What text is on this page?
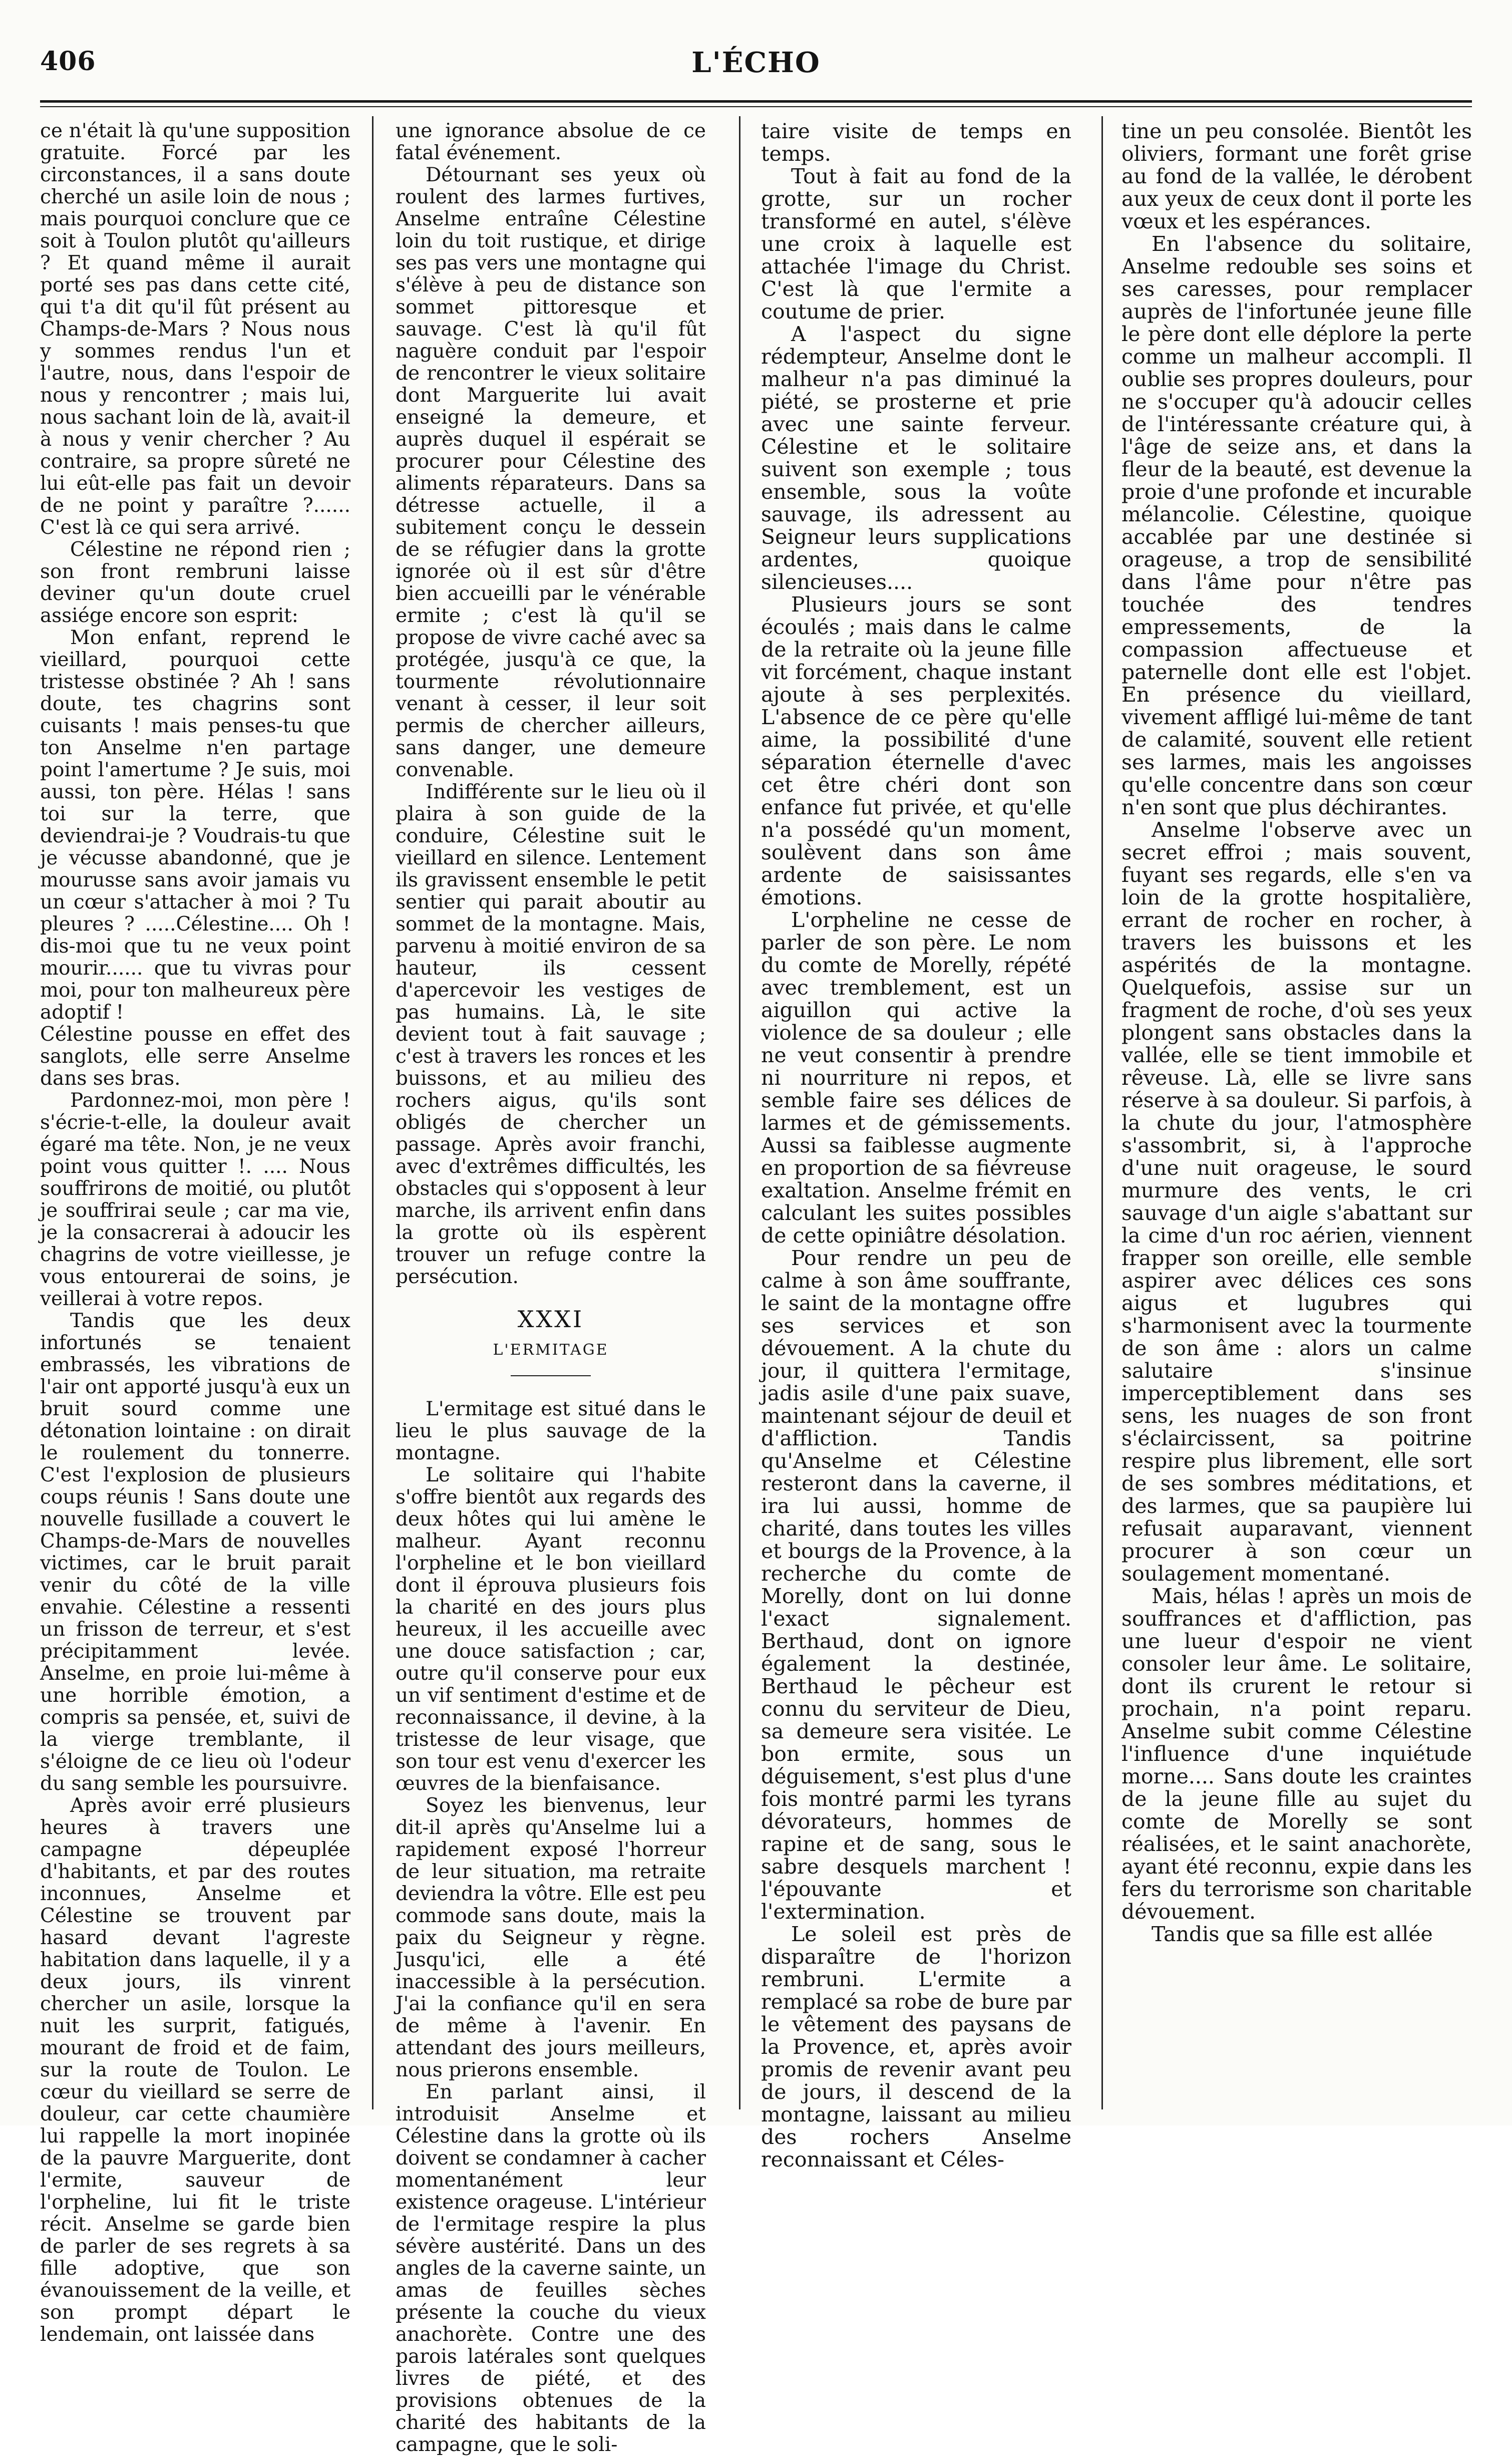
406	L'ÉCHO

ce n'était là qu'une supposition gratuite. Forcé par les circonstances, il a sans doute cherché un asile loin de nous ; mais pourquoi conclure que ce soit à Toulon plutôt qu'ailleurs ? Et quand même il aurait porté ses pas dans cette cité, qui t'a dit qu'il fût présent au Champs-de-Mars ? Nous nous y sommes rendus l'un et l'autre, nous, dans l'espoir de nous y rencontrer ; mais lui, nous sachant loin de là, avait-il à nous y venir chercher ? Au contraire, sa propre sûreté ne lui eût-elle pas fait un devoir de ne point y paraître ?...... C'est là ce qui sera arrivé.

Célestine ne répond rien ; son front rembruni laisse deviner qu'un doute cruel assiége encore son esprit:

Mon enfant, reprend le vieillard, pourquoi cette tristesse obstinée ? Ah ! sans doute, tes chagrins sont cuisants ! mais penses-tu que ton Anselme n'en partage point l'amertume ? Je suis, moi aussi, ton père. Hélas ! sans toi sur la terre, que deviendrai-je ? Voudrais-tu que je vécusse abandonné, que je mourusse sans avoir jamais vu un cœur s'attacher à moi ? Tu pleures ? .....Célestine.... Oh ! dis-moi que tu ne veux point mourir...... que tu vivras pour moi, pour ton malheureux père adoptif !

Célestine pousse en effet des sanglots, elle serre Anselme dans ses bras.

Pardonnez-moi, mon père ! s'écrie-t-elle, la douleur avait égaré ma tête. Non, je ne veux point vous quitter !. .... Nous souffrirons de moitié, ou plutôt je souffrirai seule ; car ma vie, je la consacrerai à adoucir les chagrins de votre vieillesse, je vous entourerai de soins, je veillerai à votre repos.

Tandis que les deux infortunés se tenaient embrassés, les vibrations de l'air ont apporté jusqu'à eux un bruit sourd comme une détonation lointaine : on dirait le roulement du tonnerre. C'est l'explosion de plusieurs coups réunis ! Sans doute une nouvelle fusillade a couvert le Champs-de-Mars de nouvelles victimes, car le bruit parait venir du côté de la ville envahie. Célestine a ressenti un frisson de terreur, et s'est précipitamment levée. Anselme, en proie lui-même à une horrible émotion, a compris sa pensée, et, suivi de la vierge tremblante, il s'éloigne de ce lieu où l'odeur du sang semble les poursuivre.

Après avoir erré plusieurs heures à travers une campagne dépeuplée d'habitants, et par des routes inconnues, Anselme et Célestine se trouvent par hasard devant l'agreste habitation dans laquelle, il y a deux jours, ils vinrent chercher un asile, lorsque la nuit les surprit, fatigués, mourant de froid et de faim, sur la route de Toulon. Le cœur du vieillard se serre de douleur, car cette chaumière lui rappelle la mort inopinée de la pauvre Marguerite, dont l'ermite, sauveur de l'orpheline, lui fit le triste récit. Anselme se garde bien de parler de ses regrets à sa fille adoptive, que son évanouissement de la veille, et son prompt départ le lendemain, ont laissée dans

une ignorance absolue de ce fatal événement.

Détournant ses yeux où roulent des larmes furtives, Anselme entraîne Célestine loin du toit rustique, et dirige ses pas vers une montagne qui s'élève à peu de distance son sommet pittoresque et sauvage. C'est là qu'il fût naguère conduit par l'espoir de rencontrer le vieux solitaire dont Marguerite lui avait enseigné la demeure, et auprès duquel il espérait se procurer pour Célestine des aliments réparateurs. Dans sa détresse actuelle, il a subitement conçu le dessein de se réfugier dans la grotte ignorée où il est sûr d'être bien accueilli par le vénérable ermite ; c'est là qu'il se propose de vivre caché avec sa protégée, jusqu'à ce que, la tourmente révolutionnaire venant à cesser, il leur soit permis de chercher ailleurs, sans danger, une demeure convenable.

Indifférente sur le lieu où il plaira à son guide de la conduire, Célestine suit le vieillard en silence. Lentement ils gravissent ensemble le petit sentier qui parait aboutir au sommet de la montagne. Mais, parvenu à moitié environ de sa hauteur, ils cessent d'apercevoir les vestiges de pas humains. Là, le site devient tout à fait sauvage ; c'est à travers les ronces et les buissons, et au milieu des rochers aigus, qu'ils sont obligés de chercher un passage. Après avoir franchi, avec d'extrêmes difficultés, les obstacles qui s'opposent à leur marche, ils arrivent enfin dans la grotte où ils espèrent trouver un refuge contre la persécution.

XXXI
L'ERMITAGE

L'ermitage est situé dans le lieu le plus sauvage de la montagne.

Le solitaire qui l'habite s'offre bientôt aux regards des deux hôtes qui lui amène le malheur. Ayant reconnu l'orpheline et le bon vieillard dont il éprouva plusieurs fois la charité en des jours plus heureux, il les accueille avec une douce satisfaction ; car, outre qu'il conserve pour eux un vif sentiment d'estime et de reconnaissance, il devine, à la tristesse de leur visage, que son tour est venu d'exercer les œuvres de la bienfaisance.

Soyez les bienvenus, leur dit-il après qu'Anselme lui a rapidement exposé l'horreur de leur situation, ma retraite deviendra la vôtre. Elle est peu commode sans doute, mais la paix du Seigneur y règne. Jusqu'ici, elle a été inaccessible à la persécution. J'ai la confiance qu'il en sera de même à l'avenir. En attendant des jours meilleurs, nous prierons ensemble.

En parlant ainsi, il introduisit Anselme et Célestine dans la grotte où ils doivent se condamner à cacher momentanément leur existence orageuse. L'intérieur de l'ermitage respire la plus sévère austérité. Dans un des angles de la caverne sainte, un amas de feuilles sèches présente la couche du vieux anachorète. Contre une des parois latérales sont quelques livres de piété, et des provisions obtenues de la charité des habitants de la campagne, que le soli-

taire visite de temps en temps.

Tout à fait au fond de la grotte, sur un rocher transformé en autel, s'élève une croix à laquelle est attachée l'image du Christ. C'est là que l'ermite a coutume de prier.

A l'aspect du signe rédempteur, Anselme dont le malheur n'a pas diminué la piété, se prosterne et prie avec une sainte ferveur. Célestine et le solitaire suivent son exemple ; tous ensemble, sous la voûte sauvage, ils adressent au Seigneur leurs supplications ardentes, quoique silencieuses....

Plusieurs jours se sont écoulés ; mais dans le calme de la retraite où la jeune fille vit forcément, chaque instant ajoute à ses perplexités. L'absence de ce père qu'elle aime, la possibilité d'une séparation éternelle d'avec cet être chéri dont son enfance fut privée, et qu'elle n'a possédé qu'un moment, soulèvent dans son âme ardente de saisissantes émotions.

L'orpheline ne cesse de parler de son père. Le nom du comte de Morelly, répété avec tremblement, est un aiguillon qui active la violence de sa douleur ; elle ne veut consentir à prendre ni nourriture ni repos, et semble faire ses délices de larmes et de gémissements. Aussi sa faiblesse augmente en proportion de sa fiévreuse exaltation. Anselme frémit en calculant les suites possibles de cette opiniâtre désolation.

Pour rendre un peu de calme à son âme souffrante, le saint de la montagne offre ses services et son dévouement. A la chute du jour, il quittera l'ermitage, jadis asile d'une paix suave, maintenant séjour de deuil et d'affliction. Tandis qu'Anselme et Célestine resteront dans la caverne, il ira lui aussi, homme de charité, dans toutes les villes et bourgs de la Provence, à la recherche du comte de Morelly, dont on lui donne l'exact signalement. Berthaud, dont on ignore également la destinée, Berthaud le pêcheur est connu du serviteur de Dieu, sa demeure sera visitée. Le bon ermite, sous un déguisement, s'est plus d'une fois montré parmi les tyrans dévorateurs, hommes de rapine et de sang, sous le sabre desquels marchent ! l'épouvante et l'extermination.

Le soleil est près de disparaître de l'horizon rembruni. L'ermite a remplacé sa robe de bure par le vêtement des paysans de la Provence, et, après avoir promis de revenir avant peu de jours, il descend de la montagne, laissant au milieu des rochers Anselme reconnaissant et Céles-

tine un peu consolée. Bientôt les oliviers, formant une forêt grise au fond de la vallée, le dérobent aux yeux de ceux dont il porte les vœux et les espérances.

En l'absence du solitaire, Anselme redouble ses soins et ses caresses, pour remplacer auprès de l'infortunée jeune fille le père dont elle déplore la perte comme un malheur accompli. Il oublie ses propres douleurs, pour ne s'occuper qu'à adoucir celles de l'intéressante créature qui, à l'âge de seize ans, et dans la fleur de la beauté, est devenue la proie d'une profonde et incurable mélancolie. Célestine, quoique accablée par une destinée si orageuse, a trop de sensibilité dans l'âme pour n'être pas touchée des tendres empressements, de la compassion affectueuse et paternelle dont elle est l'objet. En présence du vieillard, vivement affligé lui-même de tant de calamité, souvent elle retient ses larmes, mais les angoisses qu'elle concentre dans son cœur n'en sont que plus déchirantes.

Anselme l'observe avec un secret effroi ; mais souvent, fuyant ses regards, elle s'en va loin de la grotte hospitalière, errant de rocher en rocher, à travers les buissons et les aspérités de la montagne. Quelquefois, assise sur un fragment de roche, d'où ses yeux plongent sans obstacles dans la vallée, elle se tient immobile et rêveuse. Là, elle se livre sans réserve à sa douleur. Si parfois, à la chute du jour, l'atmosphère s'assombrit, si, à l'approche d'une nuit orageuse, le sourd murmure des vents, le cri sauvage d'un aigle s'abattant sur la cime d'un roc aérien, viennent frapper son oreille, elle semble aspirer avec délices ces sons aigus et lugubres qui s'harmonisent avec la tourmente de son âme : alors un calme salutaire s'insinue imperceptiblement dans ses sens, les nuages de son front s'éclaircissent, sa poitrine respire plus librement, elle sort de ses sombres méditations, et des larmes, que sa paupière lui refusait auparavant, viennent procurer à son cœur un soulagement momentané.

Mais, hélas ! après un mois de souffrances et d'affliction, pas une lueur d'espoir ne vient consoler leur âme. Le solitaire, dont ils crurent le retour si prochain, n'a point reparu. Anselme subit comme Célestine l'influence d'une inquiétude morne.... Sans doute les craintes de la jeune fille au sujet du comte de Morelly se sont réalisées, et le saint anachorète, ayant été reconnu, expie dans les fers du terrorisme son charitable dévouement.

Tandis que sa fille est allée
